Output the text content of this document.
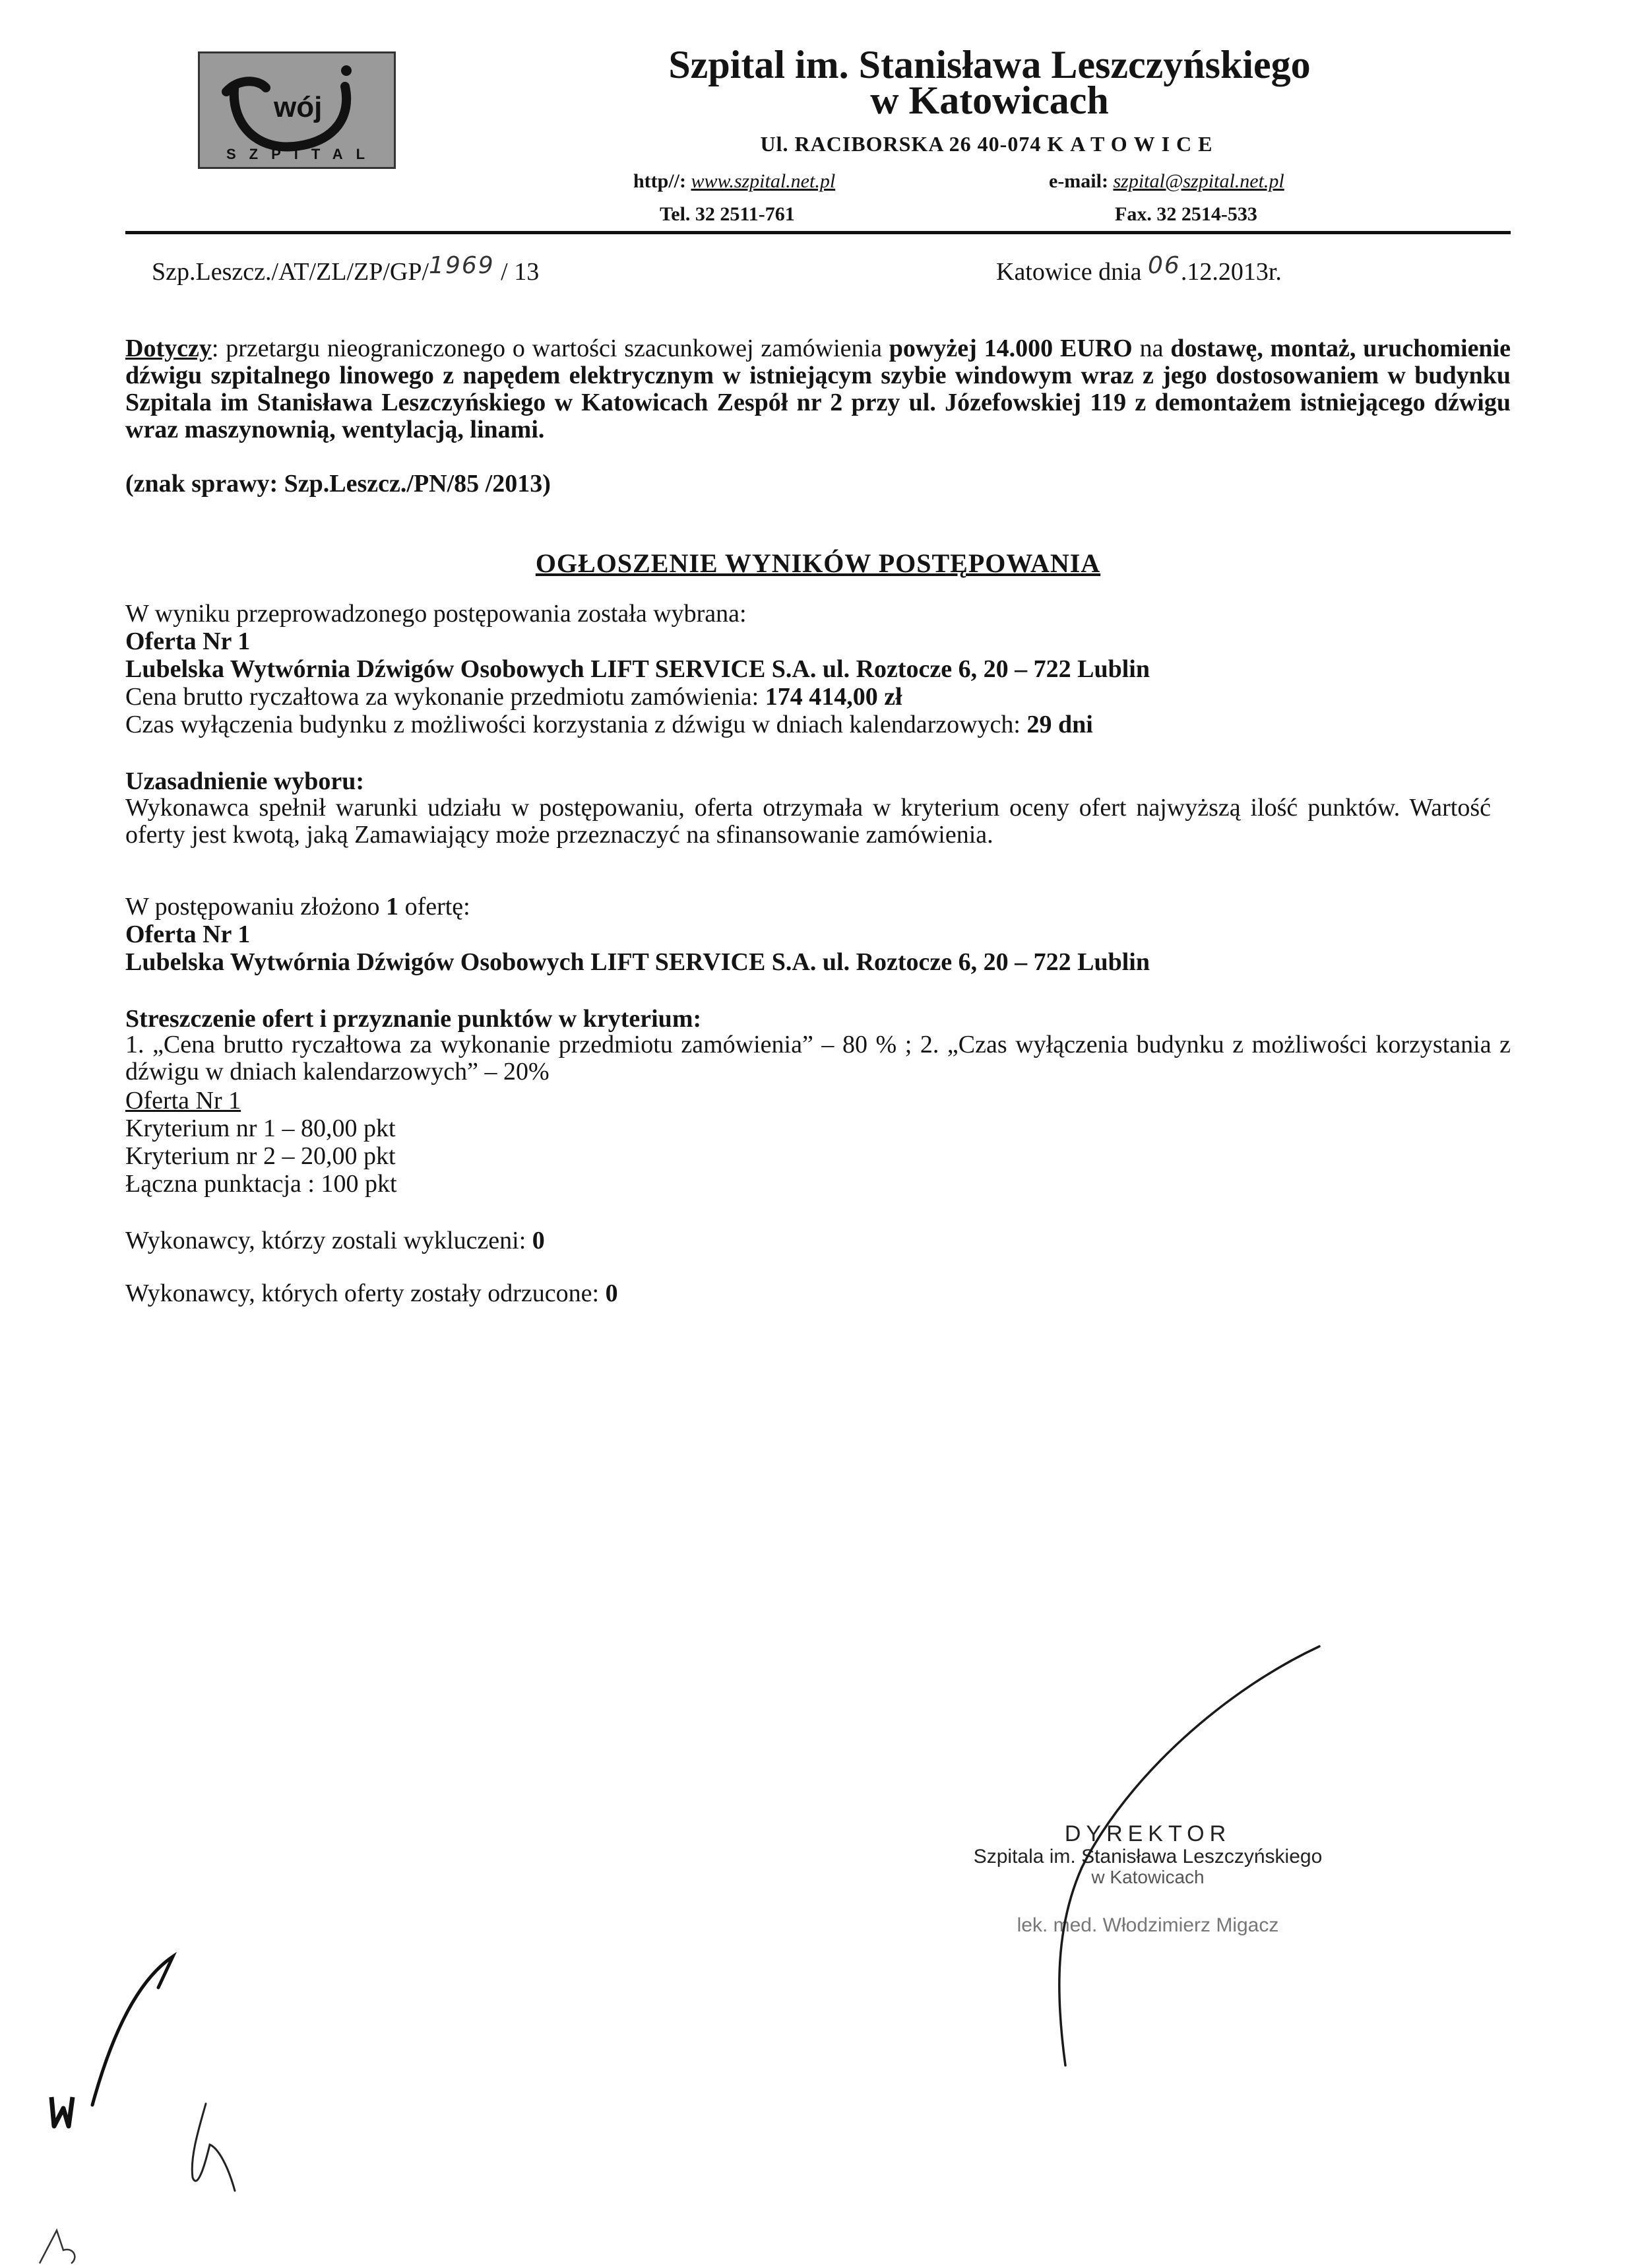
wój
SZPITAL
Szpital im. Stanisława Leszczyńskiego
w Katowicach
Ul. RACIBORSKA 26 40-074 KATOWICE
http//: www.szpital.net.pl	e-mail: szpital@szpital.net.pl
Tel. 32 2511-761	Fax. 32 2514-533
Szp.Leszcz./AT/ZL/ZP/GP/1969 / 13	Katowice dnia 06.12.2013r.
Dotyczy: przetargu nieograniczonego o wartości szacunkowej zamówienia powyżej 14.000 EURO na dostawę, montaż, uruchomienie dźwigu szpitalnego linowego z napędem elektrycznym w istniejącym szybie windowym wraz z jego dostosowaniem w budynku Szpitala im Stanisława Leszczyńskiego w Katowicach Zespół nr 2 przy ul. Józefowskiej 119 z demontażem istniejącego dźwigu wraz maszynownią, wentylacją, linami.
(znak sprawy: Szp.Leszcz./PN/85 /2013)
OGŁOSZENIE WYNIKÓW POSTĘPOWANIA
W wyniku przeprowadzonego postępowania została wybrana:
Oferta Nr 1
Lubelska Wytwórnia Dźwigów Osobowych LIFT SERVICE S.A. ul. Roztocze 6, 20 – 722 Lublin
Cena brutto ryczałtowa za wykonanie przedmiotu zamówienia: 174 414,00 zł
Czas wyłączenia budynku z możliwości korzystania z dźwigu w dniach kalendarzowych: 29 dni
Uzasadnienie wyboru:
Wykonawca spełnił warunki udziału w postępowaniu, oferta otrzymała w kryterium oceny ofert najwyższą ilość punktów. Wartość oferty jest kwotą, jaką Zamawiający może przeznaczyć na sfinansowanie zamówienia.
W postępowaniu złożono 1 ofertę:
Oferta Nr 1
Lubelska Wytwórnia Dźwigów Osobowych LIFT SERVICE S.A. ul. Roztocze 6, 20 – 722 Lublin
Streszczenie ofert i przyznanie punktów w kryterium:
1. „Cena brutto ryczałtowa za wykonanie przedmiotu zamówienia” – 80 % ; 2. „Czas wyłączenia budynku z możliwości korzystania z dźwigu w dniach kalendarzowych” – 20%
Oferta Nr 1
Kryterium nr 1 – 80,00 pkt
Kryterium nr 2 – 20,00 pkt
Łączna punktacja : 100 pkt
Wykonawcy, którzy zostali wykluczeni: 0
Wykonawcy, których oferty zostały odrzucone: 0
DYREKTOR
Szpitala im. Stanisława Leszczyńskiego
w Katowicach
lek. med. Włodzimierz Migacz
